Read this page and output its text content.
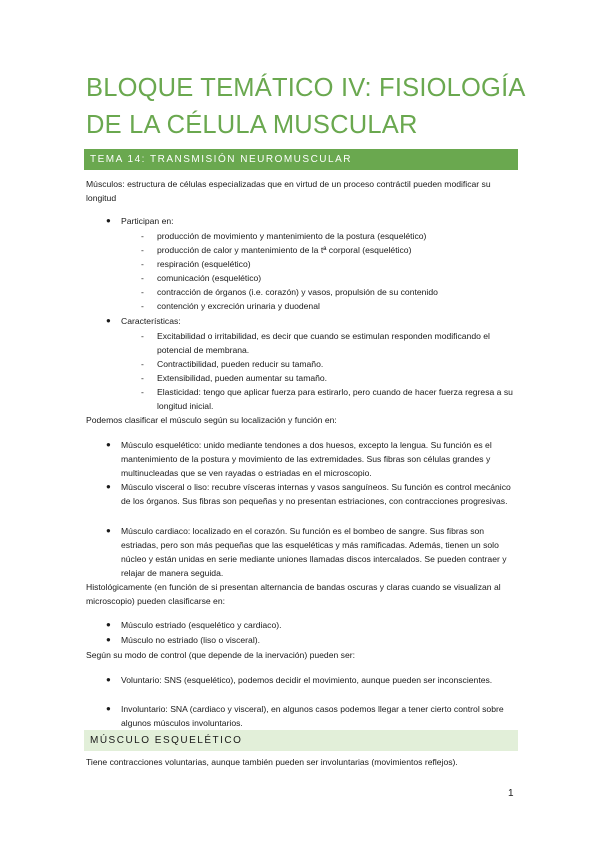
BLOQUE TEMÁTICO IV: FISIOLOGÍA DE LA CÉLULA MUSCULAR
TEMA 14: TRANSMISIÓN NEUROMUSCULAR

Músculos: estructura de células especializadas que en virtud de un proceso contráctil pueden modificar su longitud

● Participan en:

- producción de movimiento y mantenimiento de la postura (esquelético)

- producción de calor y mantenimiento de la tª corporal (esquelético)

- respiración (esquelético)

- comunicación (esquelético)

- contracción de órganos (i.e. corazón) y vasos, propulsión de su contenido

- contención y excreción urinaria y duodenal

● Características:

- Excitabilidad o irritabilidad, es decir que cuando se estimulan responden modificando el potencial de membrana.

- Contractibilidad, pueden reducir su tamaño.

- Extensibilidad, pueden aumentar su tamaño.

- Elasticidad: tengo que aplicar fuerza para estirarlo, pero cuando de hacer fuerza regresa a su longitud inicial.

Podemos clasificar el músculo según su localización y función en:

● Músculo esquelético: unido mediante tendones a dos huesos, excepto la lengua. Su función es el mantenimiento de la postura y movimiento de las extremidades. Sus fibras son células grandes y multinucleadas que se ven rayadas o estriadas en el microscopio.

● Músculo visceral o liso: recubre vísceras internas y vasos sanguíneos. Su función es control mecánico de los órganos. Sus fibras son pequeñas y no presentan estriaciones, con contracciones progresivas.

● Músculo cardiaco: localizado en el corazón. Su función es el bombeo de sangre. Sus fibras son estriadas, pero son más pequeñas que las esqueléticas y más ramificadas. Además, tienen un solo núcleo y están unidas en serie mediante uniones llamadas discos intercalados. Se pueden contraer y relajar de manera seguida.

Histológicamente (en función de si presentan alternancia de bandas oscuras y claras cuando se visualizan al microscopio) pueden clasificarse en:

● Músculo estriado (esquelético y cardiaco).

● Músculo no estriado (liso o visceral).

Según su modo de control (que depende de la inervación) pueden ser:

● Voluntario: SNS (esquelético), podemos decidir el movimiento, aunque pueden ser inconscientes.

● Involuntario: SNA (cardiaco y visceral), en algunos casos podemos llegar a tener cierto control sobre algunos músculos involuntarios.

MÚSCULO ESQUELÉTICO

Tiene contracciones voluntarias, aunque también pueden ser involuntarias (movimientos reflejos).

1
